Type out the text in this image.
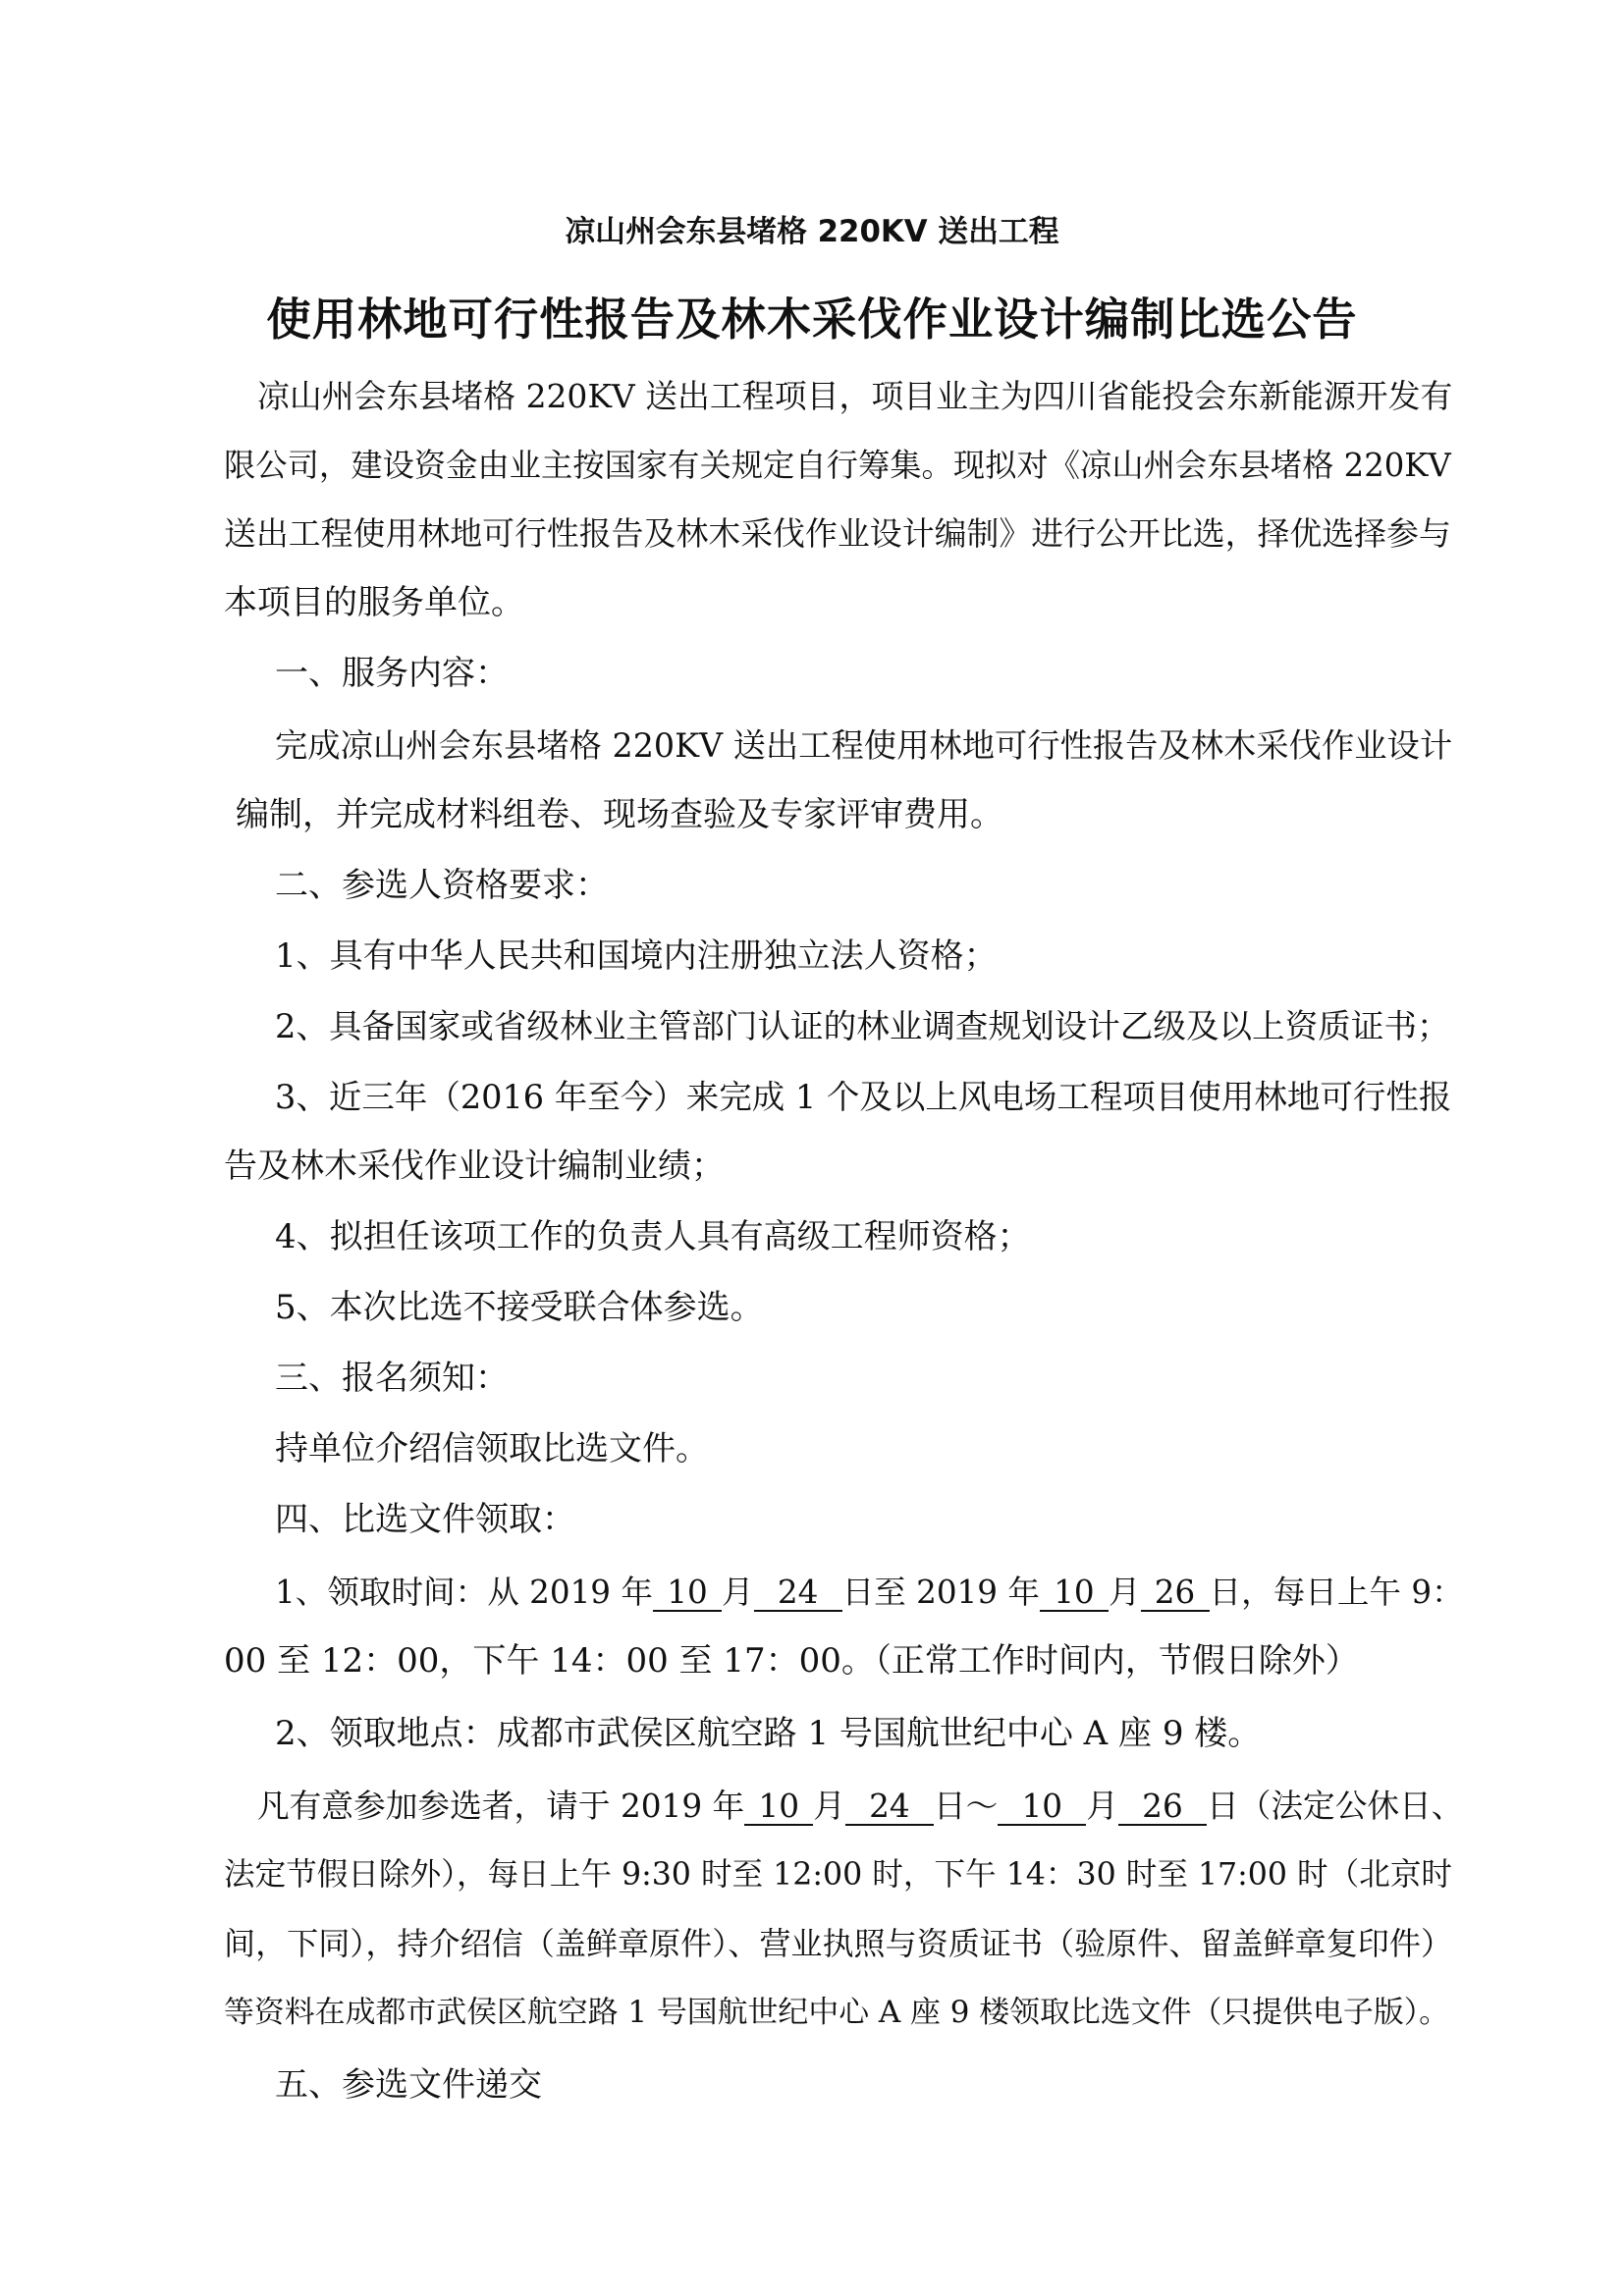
凉山州会东县堵格 220KV 送出工程
使用林地可行性报告及林木采伐作业设计编制比选公告
凉山州会东县堵格 220KV 送出工程项目，项目业主为四川省能投会东新能源开发有
限公司，建设资金由业主按国家有关规定自行筹集。现拟对《凉山州会东县堵格 220KV
送出工程使用林地可行性报告及林木采伐作业设计编制》进行公开比选，择优选择参与
本项目的服务单位。
一、服务内容：
完成凉山州会东县堵格 220KV 送出工程使用林地可行性报告及林木采伐作业设计
编制，并完成材料组卷、现场查验及专家评审费用。
二、参选人资格要求：
1、具有中华人民共和国境内注册独立法人资格；
2、具备国家或省级林业主管部门认证的林业调查规划设计乙级及以上资质证书；
3、近三年（2016 年至今）来完成 1 个及以上风电场工程项目使用林地可行性报
告及林木采伐作业设计编制业绩；
4、拟担任该项工作的负责人具有高级工程师资格；
5、本次比选不接受联合体参选。
三、报名须知：
持单位介绍信领取比选文件。
四、比选文件领取：
1、领取时间：从 2019 年 10 月 24 日至 2019 年 10 月 26 日，每日上午 9：
00 至 12：00，下午 14：00 至 17：00。（正常工作时间内，节假日除外）
2、领取地点：成都市武侯区航空路 1 号国航世纪中心 A 座 9 楼。
凡有意参加参选者，请于 2019 年 10 月 24 日～ 10 月 26 日（法定公休日、
法定节假日除外），每日上午 9:30 时至 12:00 时，下午 14：30 时至 17:00 时（北京时
间，下同），持介绍信（盖鲜章原件）、营业执照与资质证书（验原件、留盖鲜章复印件）
等资料在成都市武侯区航空路 1 号国航世纪中心 A 座 9 楼领取比选文件（只提供电子版）。
五、参选文件递交
